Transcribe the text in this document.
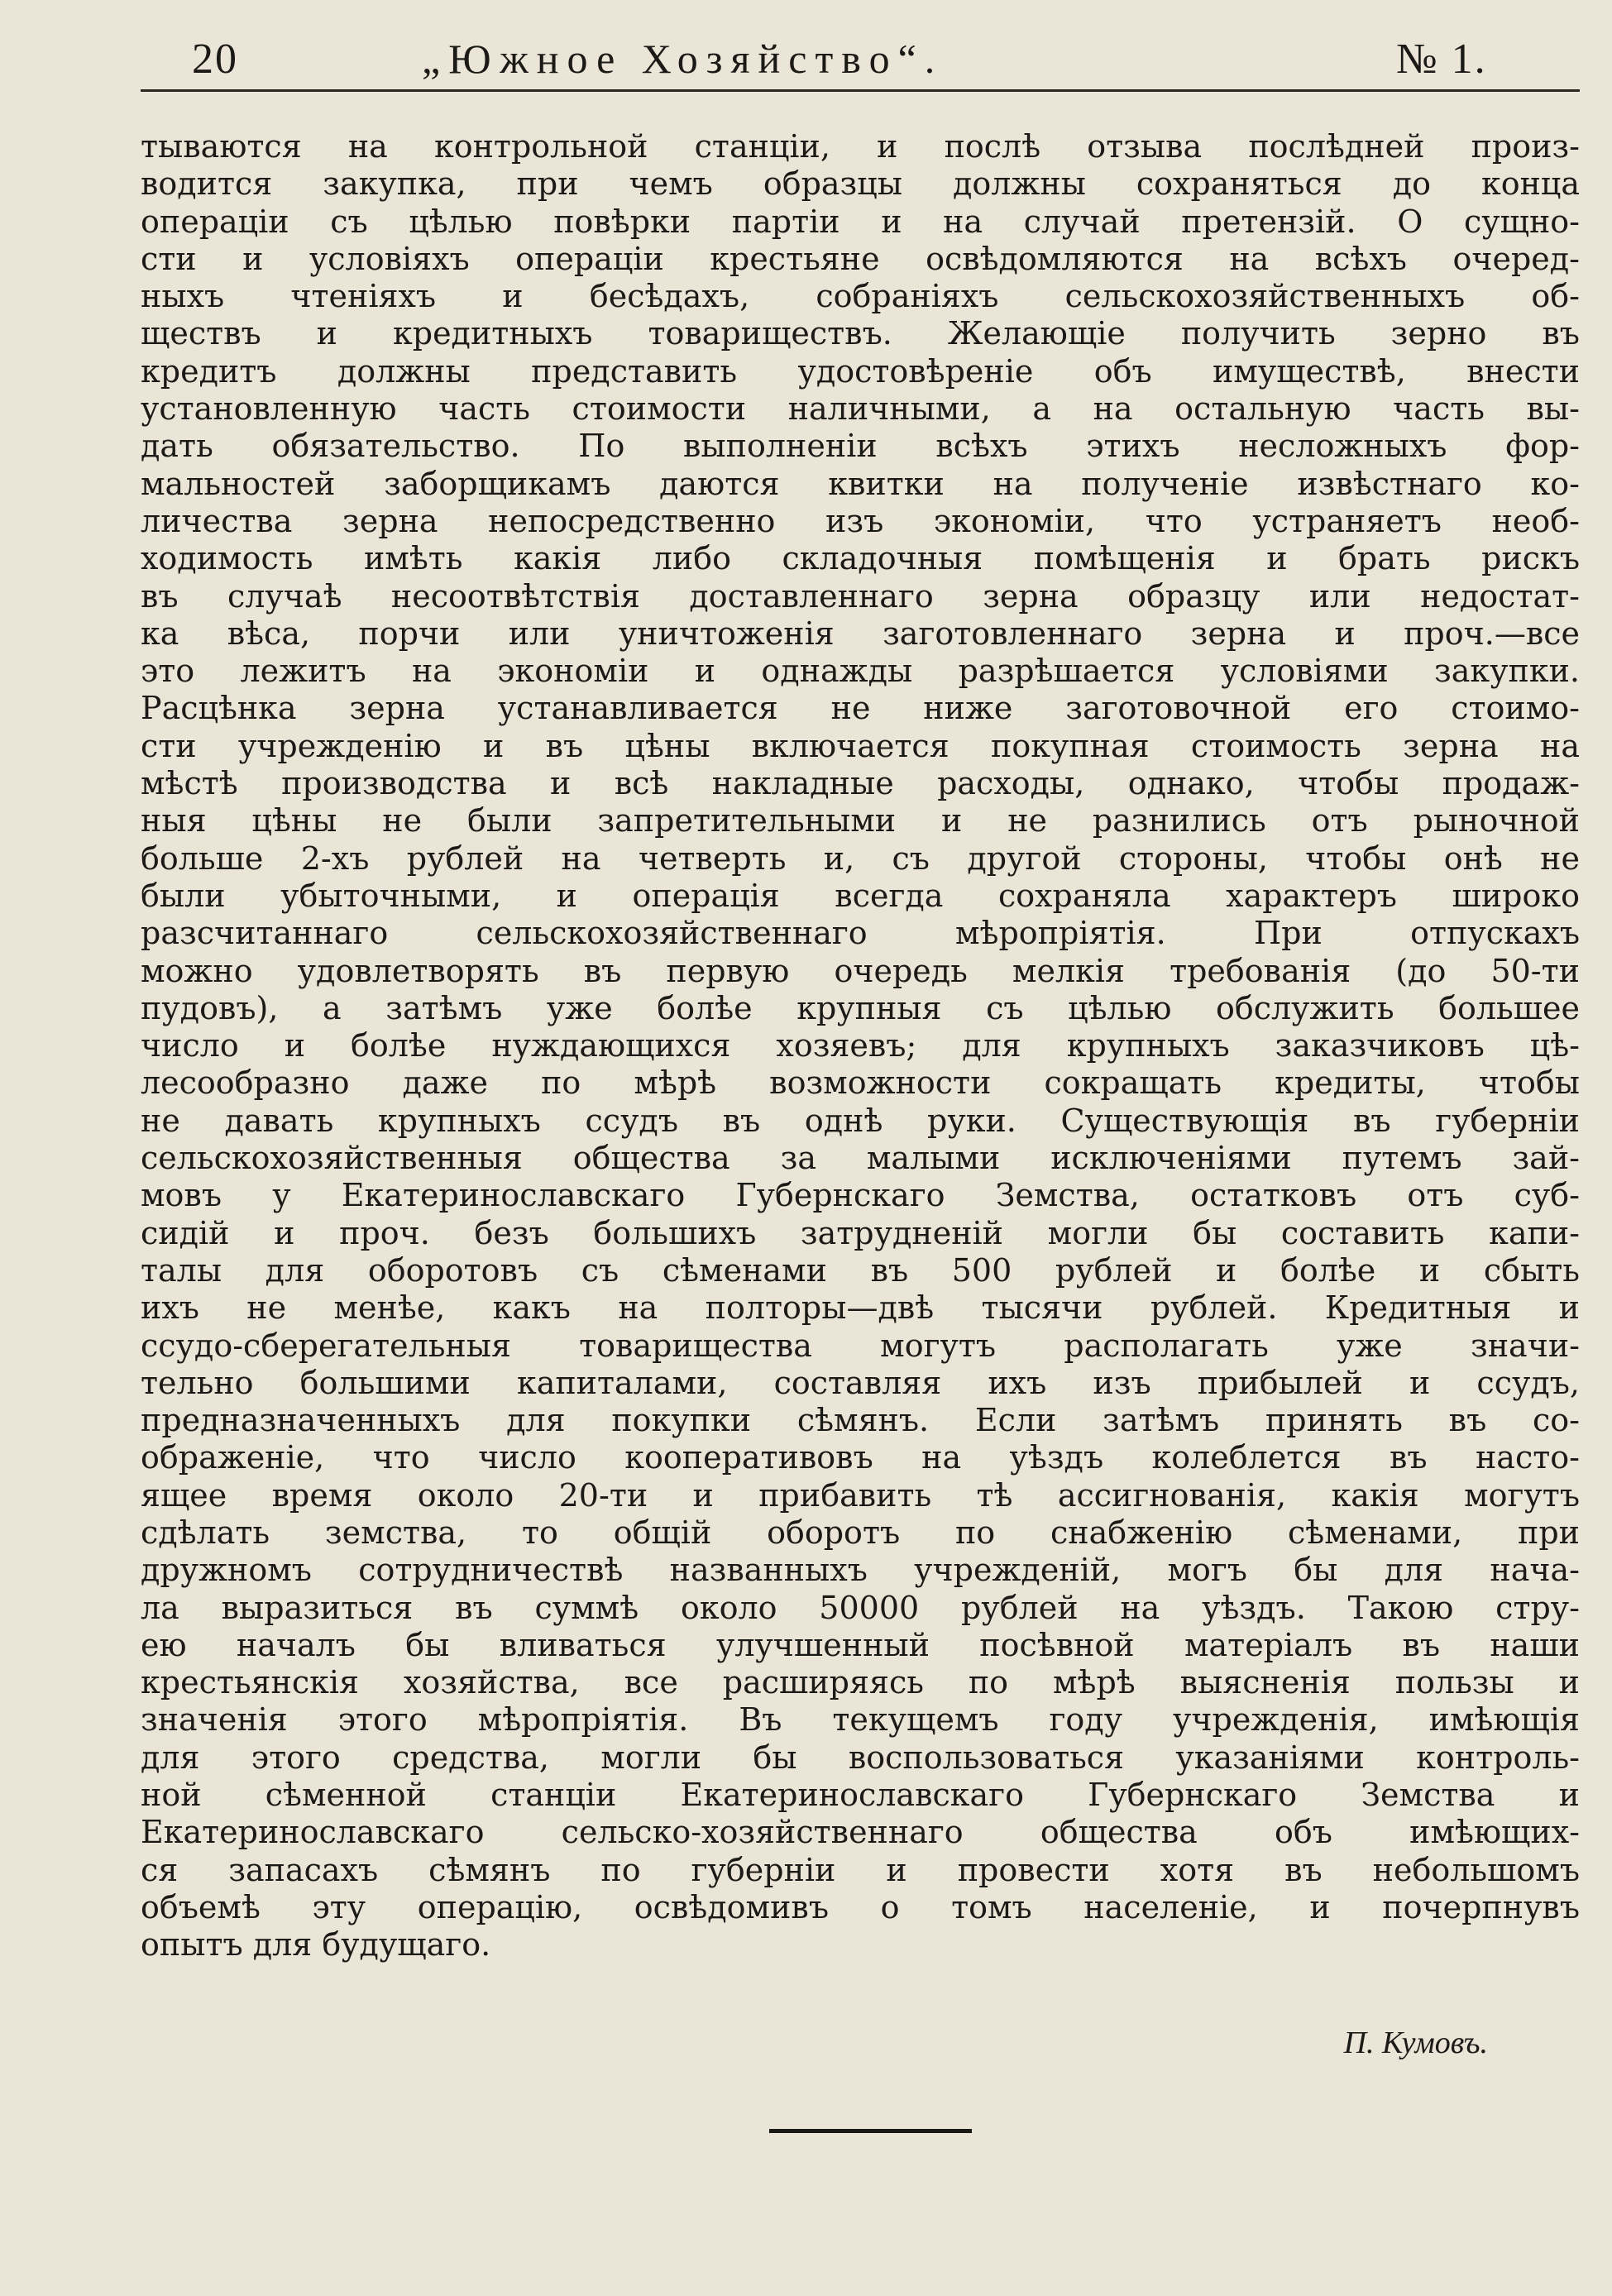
20	„Южное Хозяйство“.	№ 1.
тываются на контрольной станціи, и послѣ отзыва послѣдней произ-
водится закупка, при чемъ образцы должны сохраняться до конца
операціи съ цѣлью повѣрки партіи и на случай претензій. О сущно-
сти и условіяхъ операціи крестьяне освѣдомляются на всѣхъ очеред-
ныхъ чтеніяхъ и бесѣдахъ, собраніяхъ сельскохозяйственныхъ об-
ществъ и кредитныхъ товариществъ. Желающіе получить зерно въ
кредитъ должны представить удостовѣреніе объ имуществѣ, внести
установленную часть стоимости наличными, а на остальную часть вы-
дать обязательство. По выполненіи всѣхъ этихъ несложныхъ фор-
мальностей заборщикамъ даются квитки на полученіе извѣстнаго ко-
личества зерна непосредственно изъ экономіи, что устраняетъ необ-
ходимость имѣть какія либо складочныя помѣщенія и брать рискъ
въ случаѣ несоотвѣтствія доставленнаго зерна образцу или недостат-
ка вѣса, порчи или уничтоженія заготовленнаго зерна и проч.—все
это лежитъ на экономіи и однажды разрѣшается условіями закупки.
Расцѣнка зерна устанавливается не ниже заготовочной его стоимо-
сти учрежденію и въ цѣны включается покупная стоимость зерна на
мѣстѣ производства и всѣ накладные расходы, однако, чтобы продаж-
ныя цѣны не были запретительными и не разнились отъ рыночной
больше 2-хъ рублей на четверть и, съ другой стороны, чтобы онѣ не
были убыточными, и операція всегда сохраняла характеръ широко
разсчитаннаго сельскохозяйственнаго мѣропріятія. При отпускахъ
можно удовлетворять въ первую очередь мелкія требованія (до 50-ти
пудовъ), а затѣмъ уже болѣе крупныя съ цѣлью обслужить большее
число и болѣе нуждающихся хозяевъ; для крупныхъ заказчиковъ цѣ-
лесообразно даже по мѣрѣ возможности сокращать кредиты, чтобы
не давать крупныхъ ссудъ въ однѣ руки. Существующія въ губерніи
сельскохозяйственныя общества за малыми исключеніями путемъ зай-
мовъ у Екатеринославскаго Губернскаго Земства, остатковъ отъ суб-
сидій и проч. безъ большихъ затрудненій могли бы составить капи-
талы для оборотовъ съ сѣменами въ 500 рублей и болѣе и сбыть
ихъ не менѣе, какъ на полторы—двѣ тысячи рублей. Кредитныя и
ссудо-сберегательныя товарищества могутъ располагать уже значи-
тельно большими капиталами, составляя ихъ изъ прибылей и ссудъ,
предназначенныхъ для покупки сѣмянъ. Если затѣмъ принять въ со-
ображеніе, что число кооперативовъ на уѣздъ колеблется въ насто-
ящее время около 20-ти и прибавить тѣ ассигнованія, какія могутъ
сдѣлать земства, то общій оборотъ по снабженію сѣменами, при
дружномъ сотрудничествѣ названныхъ учрежденій, могъ бы для нача-
ла выразиться въ суммѣ около 50000 рублей на уѣздъ. Такою стру-
ею началъ бы вливаться улучшенный посѣвной матеріалъ въ наши
крестьянскія хозяйства, все расширяясь по мѣрѣ выясненія пользы и
значенія этого мѣропріятія. Въ текущемъ году учрежденія, имѣющія
для этого средства, могли бы воспользоваться указаніями контроль-
ной сѣменной станціи Екатеринославскаго Губернскаго Земства и
Екатеринославскаго сельско-хозяйственнаго общества объ имѣющих-
ся запасахъ сѣмянъ по губерніи и провести хотя въ небольшомъ
объемѣ эту операцію, освѣдомивъ о томъ населеніе, и почерпнувъ
опытъ для будущаго.
П. Кумовъ.
